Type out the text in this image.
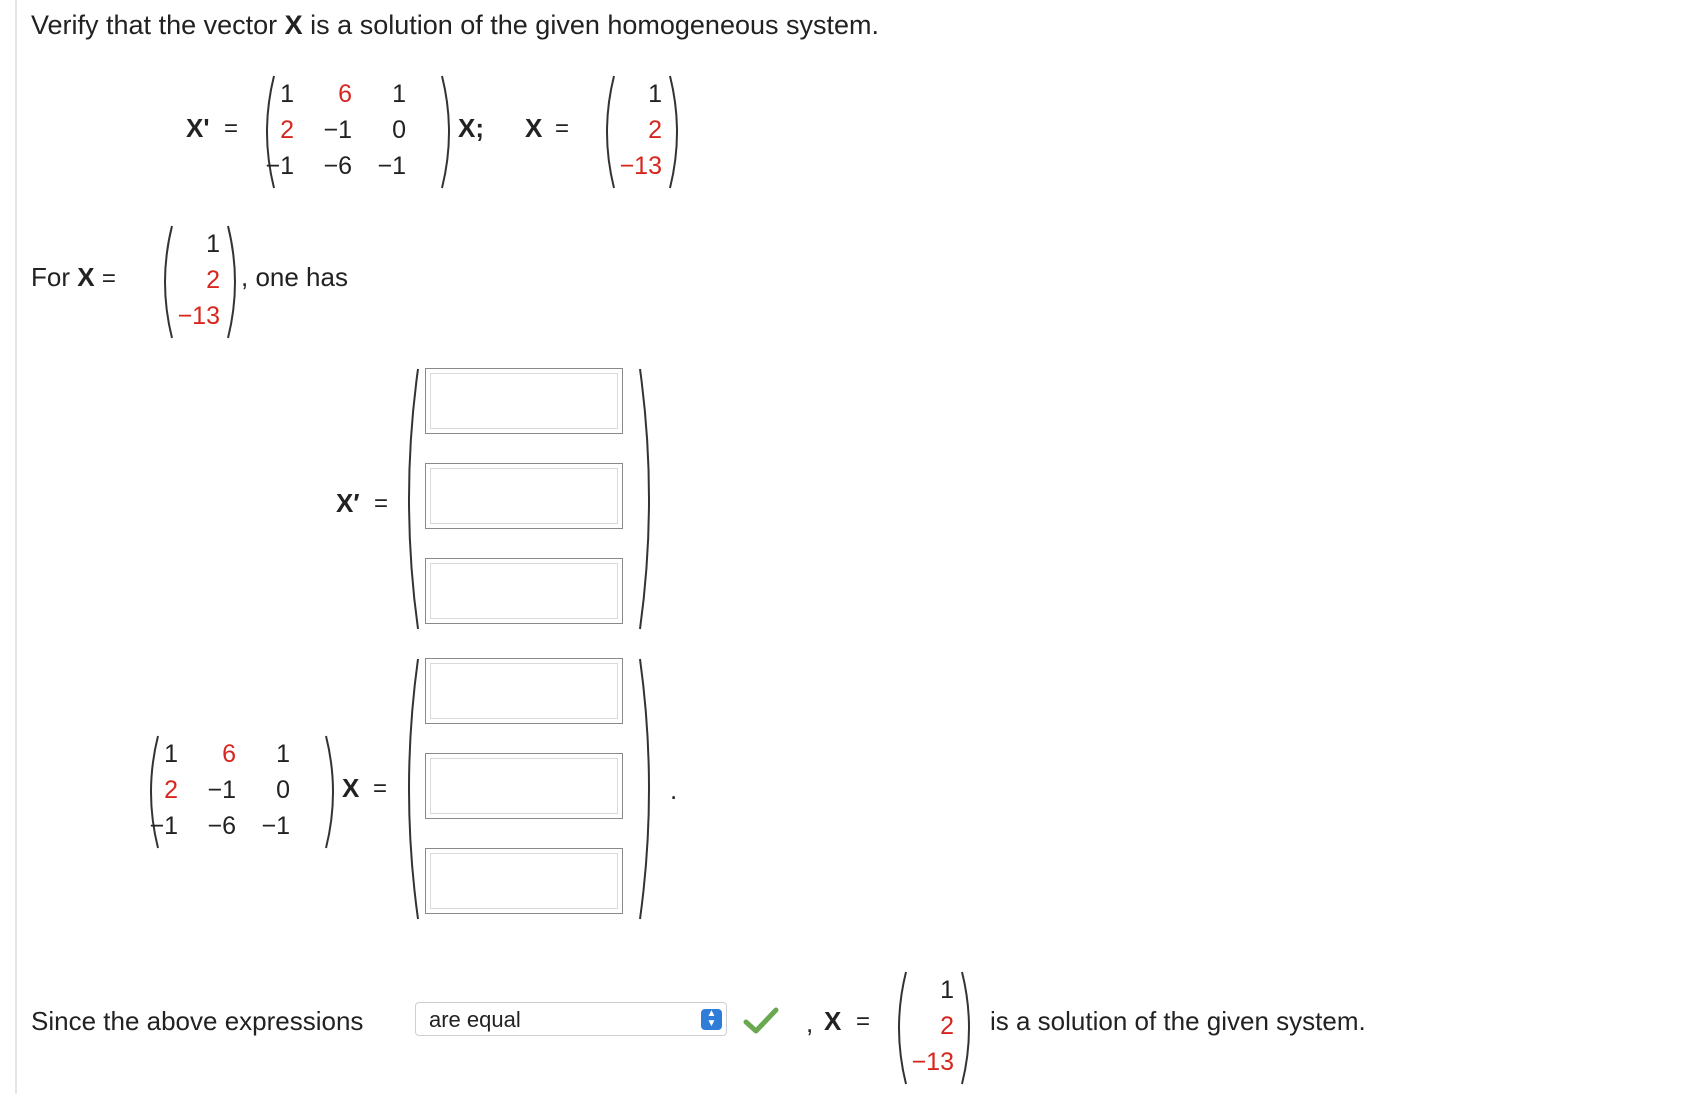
Verify that the vector X is a solution of the given homogeneous system.
X' =
1	6	1
2	−1	0
−1	−6 −1
X; X =
1
2
−13
For X =
1
2
−13
, one has
X′ =
1	6	1
2	−1	0
−1	−6 −1
X =	.
Since the above expressions	are equal	▲
▼	, X =
1
2
−13
is a solution of the given system.
